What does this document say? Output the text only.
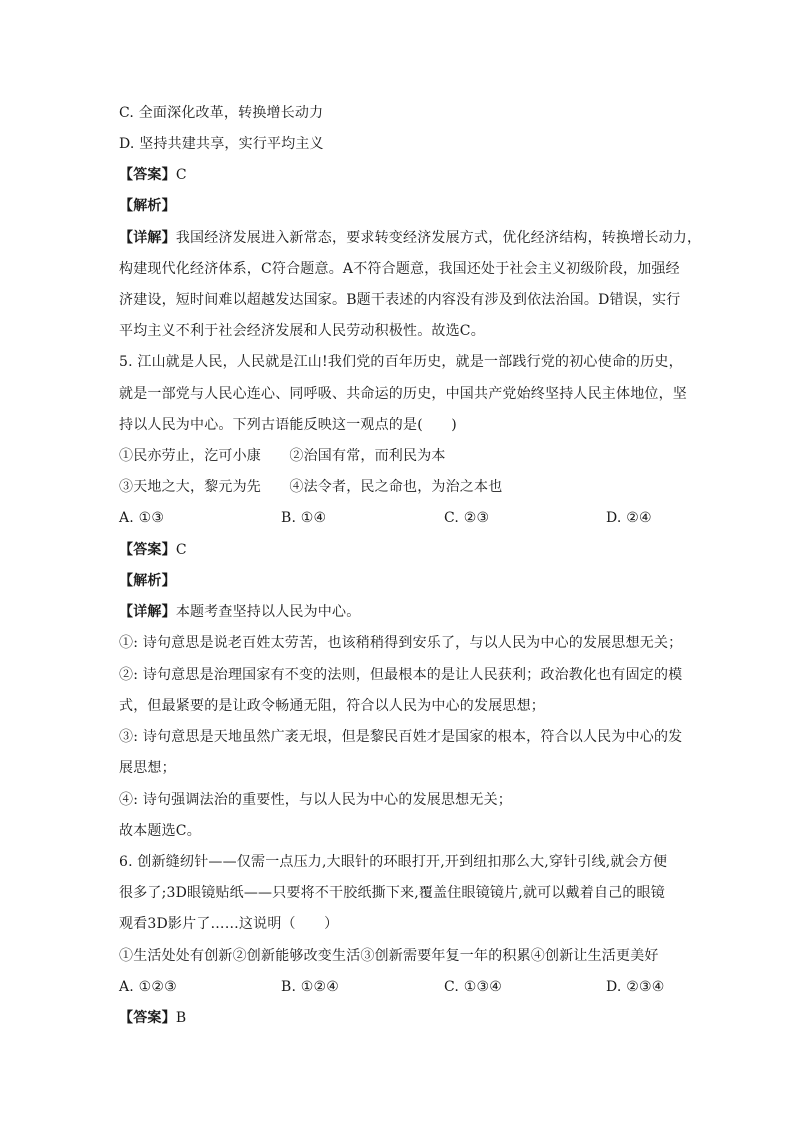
C. 全面深化改革，转换增长动力
D. 坚持共建共享，实行平均主义
【答案】C
【解析】
【详解】我国经济发展进入新常态，要求转变经济发展方式，优化经济结构，转换增长动力，
构建现代化经济体系，C符合题意。A不符合题意，我国还处于社会主义初级阶段，加强经
济建设，短时间难以超越发达国家。B题干表述的内容没有涉及到依法治国。D错误，实行
平均主义不利于社会经济发展和人民劳动积极性。故选C。
5. 江山就是人民，人民就是江山!我们党的百年历史，就是一部践行党的初心使命的历史，
就是一部党与人民心连心、同呼吸、共命运的历史，中国共产党始终坚持人民主体地位，坚
持以人民为中心。下列古语能反映这一观点的是(　　)
①民亦劳止，汔可小康　　②治国有常，而利民为本
③天地之大，黎元为先　　④法令者，民之命也，为治之本也
A. ①③	B. ①④	C. ②③	D. ②④
【答案】C
【解析】
【详解】本题考查坚持以人民为中心。
①: 诗句意思是说老百姓太劳苦，也该稍稍得到安乐了，与以人民为中心的发展思想无关；
②: 诗句意思是治理国家有不变的法则，但最根本的是让人民获利；政治教化也有固定的模
式，但最紧要的是让政令畅通无阻，符合以人民为中心的发展思想；
③: 诗句意思是天地虽然广袤无垠，但是黎民百姓才是国家的根本，符合以人民为中心的发
展思想；
④: 诗句强调法治的重要性，与以人民为中心的发展思想无关；
故本题选C。
6. 创新缝纫针——仅需一点压力,大眼针的环眼打开,开到纽扣那么大,穿针引线,就会方便
很多了;3D眼镜贴纸——只要将不干胶纸撕下来,覆盖住眼镜镜片,就可以戴着自己的眼镜
观看3D影片了……这说明（　　）
①生活处处有创新②创新能够改变生活③创新需要年复一年的积累④创新让生活更美好
A. ①②③	B. ①②④	C. ①③④	D. ②③④
【答案】B
